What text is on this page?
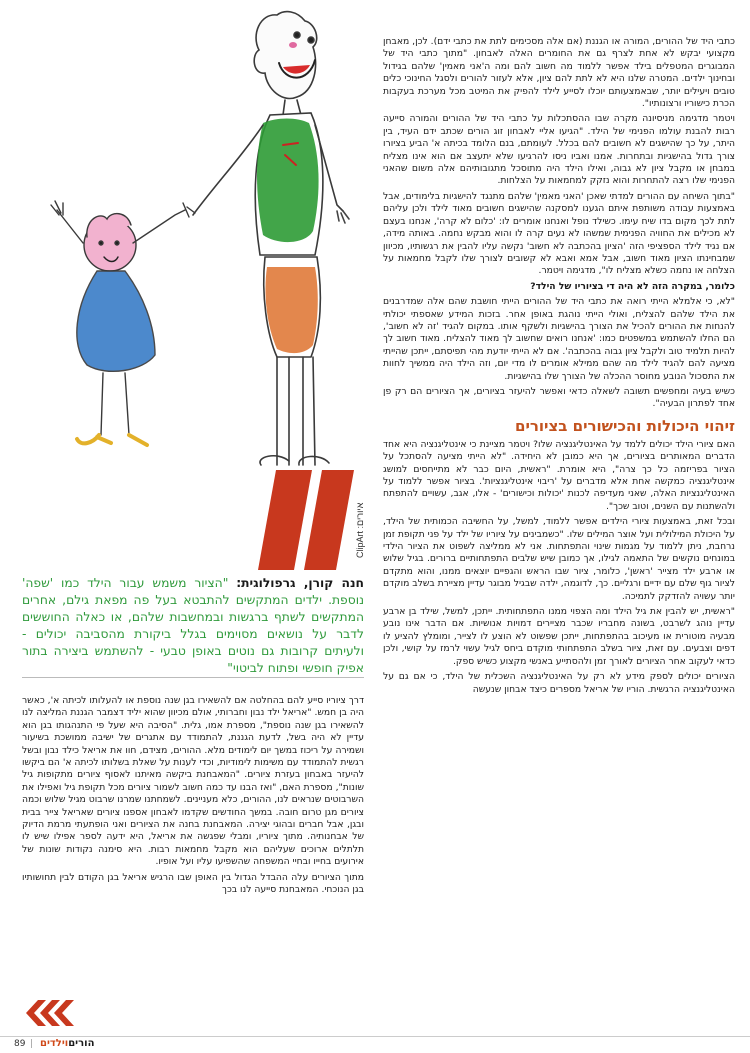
ClipArt :איורים
חנה קורן, גרפולוגית: "הציור משמש עבור הילד כמו 'שפה' נוספת. ילדים המתקשים להתבטא בעל פה מפאת גילם, אחרים המתקשים לשתף ברגשות ובמחשבות שלהם, או כאלה החוששים לדבר על נושאים מסוימים בגלל ביקורת מהסביבה יכולים - ולעיתים קרובות גם נוטים באופן טבעי - להשתמש ביצירה בתור אפיק חופשי ופתוח לביטוי"

כתבי היד של ההורים, המורה או הגננת (אם אלה מסכימים לתת את כתבי ידם). לכן, מאבחן מקצועי יבקש לא אחת לצרף גם את החומרים האלה לאבחון. "מתוך כתבי היד של המבוגרים המטפלים בילד אפשר ללמוד מה חשוב להם ומה ה'אני מאמין' שלהם בגידול ובחינוך ילדים. המטרה שלנו היא לא לתת להם ציון, אלא לעזור להורים ולסגל החינוכי כלים טובים ויעילים יותר, שבאמצעותם יוכלו לסייע לילד להפיק את המיטב מכל מערכת בעקבות הכרת כישוריו ורצונותיו".

ויטמר מדגימה מניסיונה מקרה שבו ההסתכלות על כתבי היד של ההורים והמורה סייעה רבות להבנת עולמו הפנימי של הילד. "הגיעו אליי לאבחון זוג הורים שכתב ידם העיד, בין היתר, על כך שהישגים לא חשובים להם בכלל. לעומתם, בנם הלומד בכיתה א' הביע בציורו צורך גדול בהישגיות ובתחרות. אמנו ואביו ניסו להרגיעו שלא יתעצב אם הוא אינו מצליח במבחן או מקבל ציון לא גבוה, ואילו הילד היה מתוסכל מתגובותיהם אלה משום שהאני הפנימי שלו רצה להתחרות והוא נזקק למחמאות על הצלחות.

"בתוך השיחה עם ההורים למדתי שאכן 'האני מאמין' שלהם מתנגד להישגיות בלימודים, אבל באמצעות עבודה משותפת איתם הגענו למסקנה שהישגים חשובים מאוד לילד ולכן עליהם לתת לכך מקום בדו שיח עימו. כשילד נופל ואנחנו אומרים לו: 'כלום לא קרה', אנחנו בעצם לא מכילים את החוויה הפנימית שמשהו לא נעים קרה לו והוא מבקש נחמה. באותה מידה, אם נגיד לילד הספציפי הזה 'הציון בהכתבה לא חשוב' נקשה עליו להבין את רגשותיו, מכיוון שמבחינתו הציון מאוד חשוב, אבל אמא ואבא לא קשובים לצורך שלו לקבל מחמאות על הצלחה או נחמה כשלא מצליח לו", מדגימה ויטמר.

כלומר, במקרה הזה לא היה די בציוריו של הילד?

"לא, כי אלמלא הייתי רואה את כתבי היד של ההורים הייתי חושבת שהם אלה שמדרבנים את הילד שלהם להצליח, ואולי הייתי נוהגת באופן אחר. בזכות המידע שאספתי יכולתי להנחות את ההורים להכיל את הצורך בהישגיות ולשקף אותו. במקום להגיד 'זה לא חשוב', הם החלו להשתמש במשפטים כמו: 'אנחנו רואים שחשוב לך מאוד להצליח. מאוד חשוב לך להיות תלמיד טוב ולקבל ציון גבוה בהכתבה'. אם לא הייתי יודעת מהי תפיסתם, ייתכן שהייתי מציעה להם להגיד לילד מה שהם ממילא אומרים לו מדי יום, וזה הילד היה ממשיך לחוות את התסכול הנובע מחוסר ההכלה של הצורך שלו בהישגיות.

כשיש בעיה ומחפשים תשובה לשאלה כדאי ואפשר להיעזר בציורים, אך הציורים הם רק פן אחד לפתרון הבעיה".

זיהוי היכולות והכישורים בציורים

האם ציורי הילד יכולים ללמד על האינטליגנציה שלו? ויטמר מציינת כי אינטליגנציה היא אחד הדברים המאותרים בציורים, אך היא כמובן לא היחידה. "לא הייתי מציעה להסתכל על הציור בפריזמה כל כך צרה", היא אומרת. "ראשית, היום כבר לא מתייחסים למושג אינטליגנציה כמקשה אחת אלא מדברים על 'ריבוי אינטליגנציות'. בציור אפשר ללמוד על האינטליגנציות האלה, שאני מעדיפה לכנות 'יכולות וכישורים' - אלו, אגב, עשויים להתפתח ולהשתנות עם השנים, וטוב שכך".

ובכל זאת, באמצעות ציורי הילדים אפשר ללמוד, למשל, על החשיבה הכמותית של הילד, על היכולת המילולית ועל אוצר המילים שלו. "כשמבינים על ציוריו של ילד על פני תקופת זמן נרחבת, ניתן ללמוד על מגמות שינוי והתפתחות. אני לא ממליצה לשפוט את הציור הילדי במונחים נוקשים של התאמה לגילו, אך כמובן שיש שלבים התפתחותיים ברורים. בגיל שלוש או ארבע ילד מצייר 'ראשן', כלומר, ציור שבו הראש והגפיים יוצאים ממנו, והוא מתקדם לציור גוף שלם עם ידיים ורגליים. כך, לדוגמה, ילדה שבגיל מבוגר עדיין מציירת בשלב מוקדם יותר עשויה להזדקק לתמיכה.

"ראשית, יש להבין את גיל הילד ומה הצפוי ממנו התפתחותית. ייתכן, למשל, שילד בן ארבע עדיין נוהג לשרבט, בשונה מחבריו שכבר מציירים דמויות אנושיות. אם הדבר אינו נובע מבעיה מוטורית או מעיכוב בהתפתחות, ייתכן שפשוט לא הוצע לו לצייר, ומומלץ להציע לו דפים וצבעים. עם זאת, ציור בשלב התפתחותי מוקדם ביחס לגיל עשוי לרמז על קושי, ולכן כדאי לעקוב אחר הציורים לאורך זמן ולהסתייע באנשי מקצוע כשיש ספק.

הציורים יכולים לספק מידע לא רק על האינטליגנציה השכלית של הילד, כי אם גם על האינטליגנציה הרגשית. הוריו של אריאל מספרים כיצד אבחון שנעשה

דרך ציוריו סייע להם בהחלטה אם להשאירו בגן שנה נוספת או להעלותו לכיתה א', כאשר היה בן חמש. "אריאל ילד נבון וחברותי, אולם מכיוון שהוא יליד דצמבר הגננת המליצה לנו להשאירו בגן שנה נוספת", מספרת אמו, גלית. "הסיבה היא שעל פי התנהגותו בגן הוא עדיין לא היה בשל, לדעת הגננת, להתמודד עם אתגרים של ישיבה ממושכת בשיעור ושמירה על ריכוז במשך יום לימודים מלא. ההורים, מצידם, חוו את אריאל כילד נבון ובשל רגשית להתמודד עם משימות לימודיות, וכדי לענות על שאלת בשלותו לכיתה א' הם ביקשו להיעזר באבחון בעזרת ציורים. "המאבחנת ביקשה מאיתנו לאסוף ציורים מתקופות גיל שונות", מספרת האם, "ואז הבנו עד כמה חשוב לשמור ציורים מכל תקופת גיל ואפילו את השרבוטים שנראים לנו, ההורים, כלא מעניינים. לשמחתנו שמרנו שרבוט מגיל שלוש וכמה ציורים מגן טרום חובה. במשך החודשים שקדמו לאבחון אספנו ציורים שאריאל צייר בבית ובגן, אבל חברים ובהוגי יצירה. המאבחנת בחנה את הציורים ואני הופתעתי מרמת הדיוק של אבחנותיה. מתוך ציוריו, ומבלי שפגשה את אריאל, היא ידעה לספר אפילו שיש לו תלתלים ארוכים שעליהם הוא מקבל מחמאות רבות. היא סימנה נקודות שונות של אירועים בחייו ובחיי המשפחה שהשפיעו עליו ועל אופיו.

מתוך הציורים עלה ההבדל הגדול בין האופן שבו הרגיש אריאל בגן הקודם לבין תחושותיו בגן הנוכחי. המאבחנת סייעה לנו בכך

89 |	הוריםוילדים
